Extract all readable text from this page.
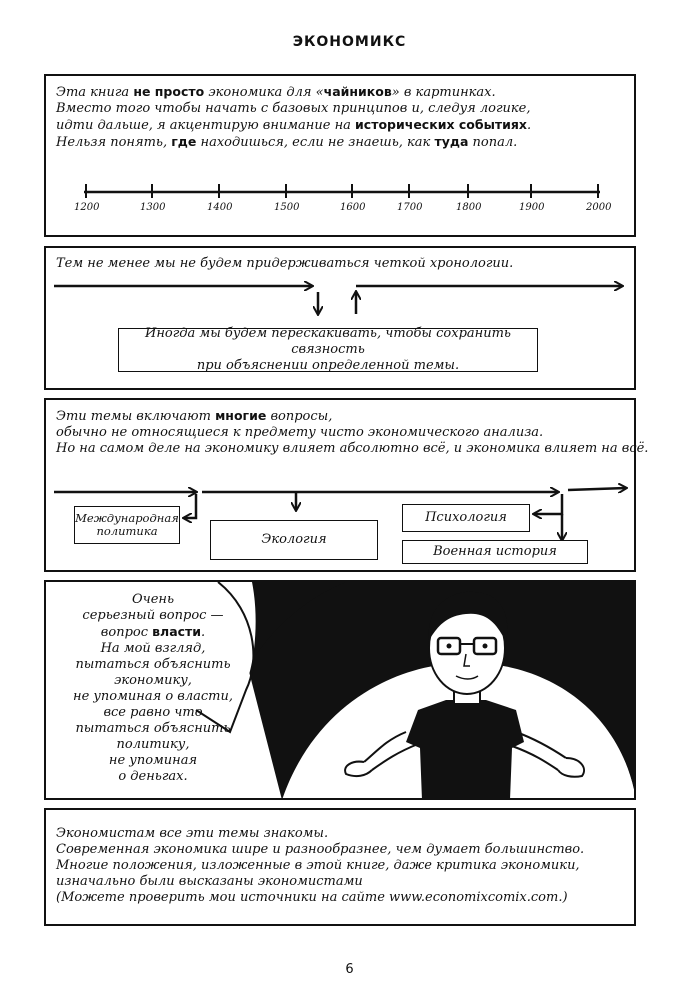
ЭКОНОМИКС
Эта книга не просто экономика для «чайников» в картинках.
Вместо того чтобы начать с базовых принципов и, следуя логике,
идти дальше, я акцентирую внимание на исторических событиях.
Нельзя понять, где находишься, если не знаешь, как туда попал.
1200	1300	1400	1500	1600	1700	1800	1900	2000
Тем не менее мы не будем придерживаться четкой хронологии.
Иногда мы будем перескакивать, чтобы сохранить связность
при объяснении определенной темы.
Эти темы включают многие вопросы,
обычно не относящиеся к предмету чисто экономического анализа.
Но на самом деле на экономику влияет абсолютно всё, и экономика влияет на всё.
Международная
политика
Экология
Психология
Военная история
Очень
серьезный вопрос —
вопрос власти.
На мой взгляд,
пытаться объяснить
экономику,
не упоминая о власти,
все равно что
пытаться объяснить
политику,
не упоминая
о деньгах.
Экономистам все эти темы знакомы.
Современная экономика шире и разнообразнее, чем думает большинство.
Многие положения, изложенные в этой книге, даже критика экономики,
изначально были высказаны экономистами
(Можете проверить мои источники на сайте www.economixcomix.com.)
6
